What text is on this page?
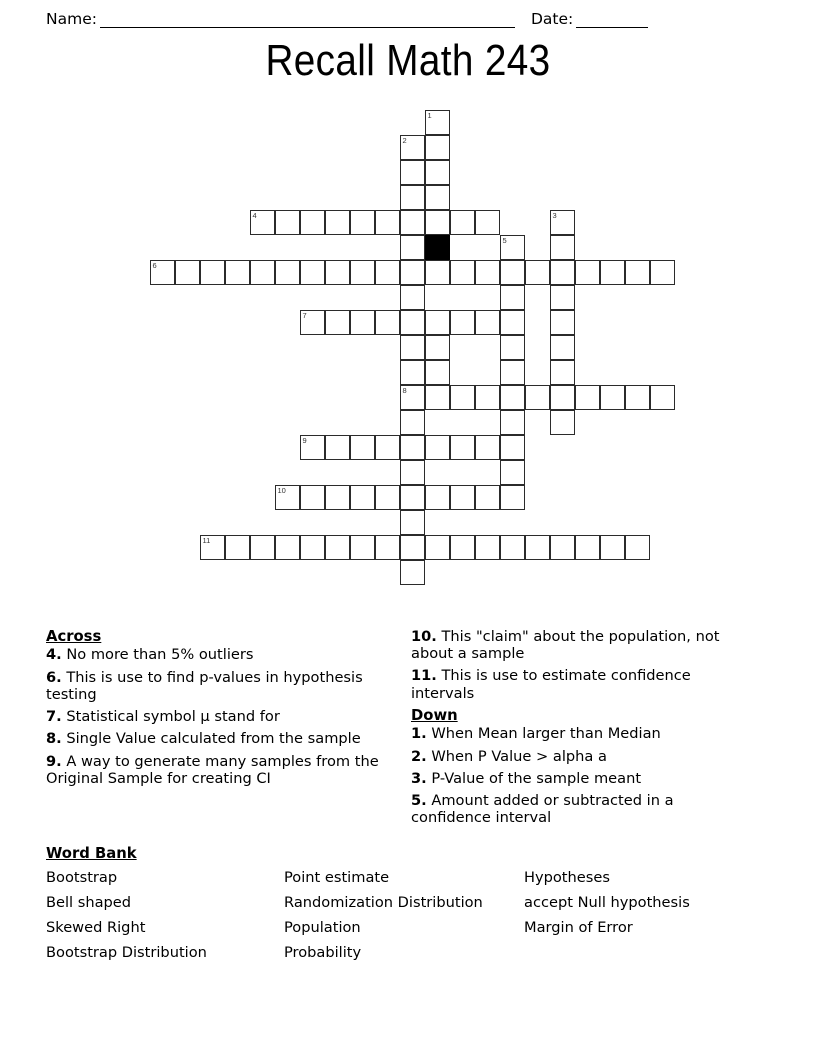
Name:	Date:
Recall Math 243
1
2
3
4
5
6
7
8
9
10
11
Across
4. No more than 5% outliers
6. This is use to find p-values in hypothesis testing
7. Statistical symbol μ stand for
8. Single Value calculated from the sample
9. A way to generate many samples from the Original Sample for creating CI
10. This "claim" about the population, not about a sample
11. This is use to estimate confidence intervals
Down
1. When Mean larger than Median
2. When P Value > alpha a
3. P-Value of the sample meant
5. Amount added or subtracted in a confidence interval
Word Bank
Bootstrap	Point estimate	Hypotheses
Bell shaped	Randomization Distribution	accept Null hypothesis
Skewed Right	Population	Margin of Error
Bootstrap Distribution	Probability
